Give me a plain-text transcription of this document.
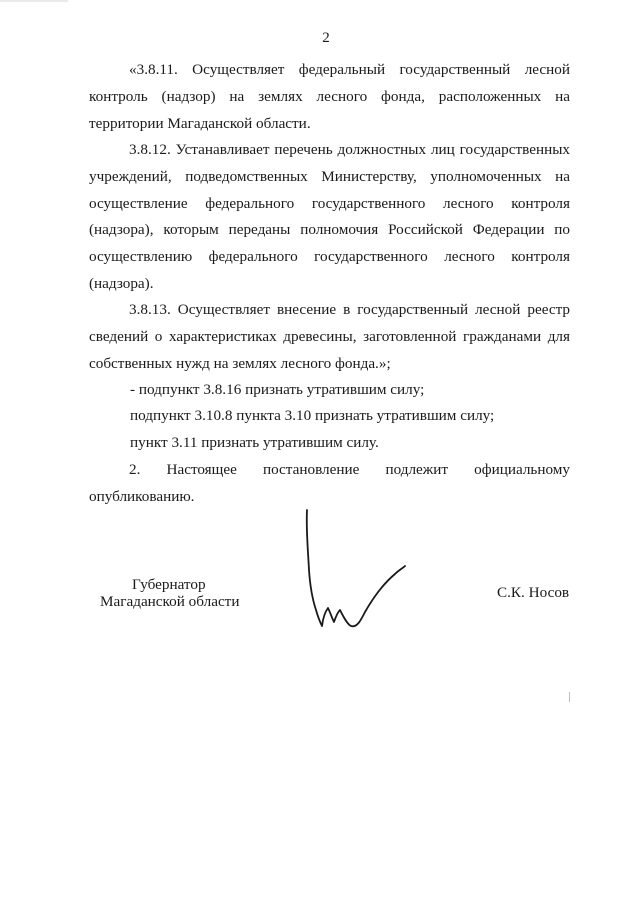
2

«3.8.11. Осуществляет федеральный государственный лесной контроль (надзор) на землях лесного фонда, расположенных на территории Магаданской области.

3.8.12. Устанавливает перечень должностных лиц государственных учреждений, подведомственных Министерству, уполномоченных на осуществление федерального государственного лесного контроля (надзора), которым переданы полномочия Российской Федерации по осуществлению федерального государственного лесного контроля (надзора).

3.8.13. Осуществляет внесение в государственный лесной реестр сведений о характеристиках древесины, заготовленной гражданами для собственных нужд на землях лесного фонда.»;

- подпункт 3.8.16 признать утратившим силу;

подпункт 3.10.8 пункта 3.10 признать утратившим силу;

пункт 3.11 признать утратившим силу.

2. Настоящее постановление подлежит официальному опубликованию.

Губернатор
Магаданской области
С.К. Носов
